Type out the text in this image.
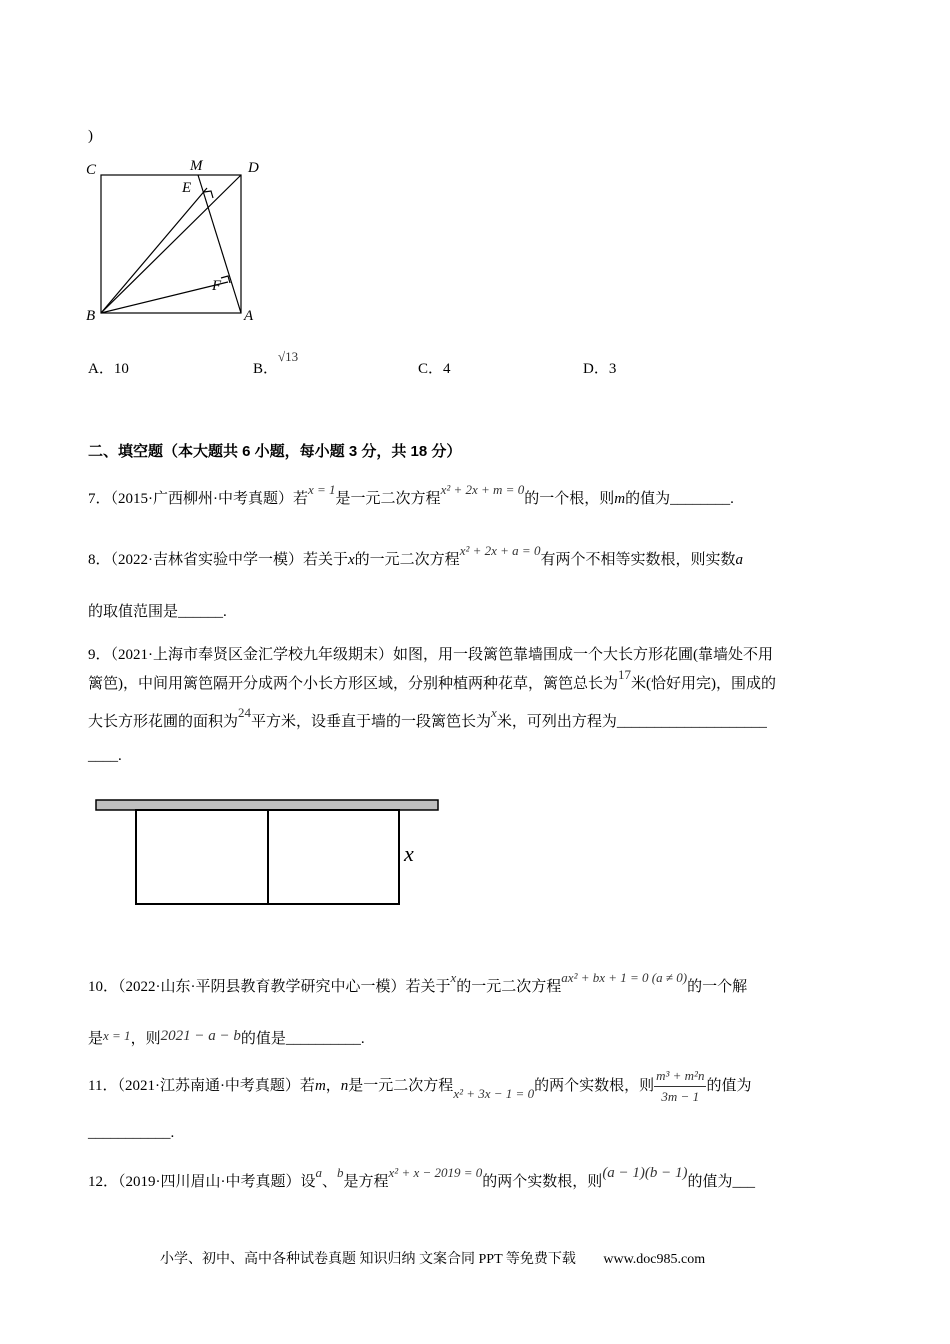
)
C	M	D
E
F
B	A
A．10	B．√13
C．4	D．3
二、填空题（本大题共 6 小题，每小题 3 分，共 18 分）
7．（2015·广西柳州·中考真题）若x = 1是一元二次方程x² + 2x + m = 0的一个根，则m的值为________.
8．（2022·吉林省实验中学一模）若关于x的一元二次方程x² + 2x + a = 0有两个不相等实数根，则实数a
的取值范围是______.
9．（2021·上海市奉贤区金汇学校九年级期末）如图，用一段篱笆靠墙围成一个大长方形花圃(靠墙处不用
篱笆)，中间用篱笆隔开分成两个小长方形区域，分别种植两种花草，篱笆总长为17米(恰好用完)，围成的
大长方形花圃的面积为24平方米，设垂直于墙的一段篱笆长为x米，可列出方程为____________________
____.
x
10．（2022·山东·平阴县教育教学研究中心一模）若关于x的一元二次方程ax² + bx + 1 = 0 (a ≠ 0)的一个解
是x = 1，则2021 − a − b的值是__________.
11．（2021·江苏南通·中考真题）若m，n是一元二次方程x² + 3x − 1 = 0的两个实数根，则 $\frac{\text{m³ + m²n}}{3m - 1}$ 的值为
___________.
12．（2019·四川眉山·中考真题）设a、b是方程x² + x − 2019 = 0的两个实数根，则(a − 1)(b − 1)的值为___
小学、初中、高中各种试卷真题 知识归纳 文案合同 PPT 等免费下载 www.doc985.com
